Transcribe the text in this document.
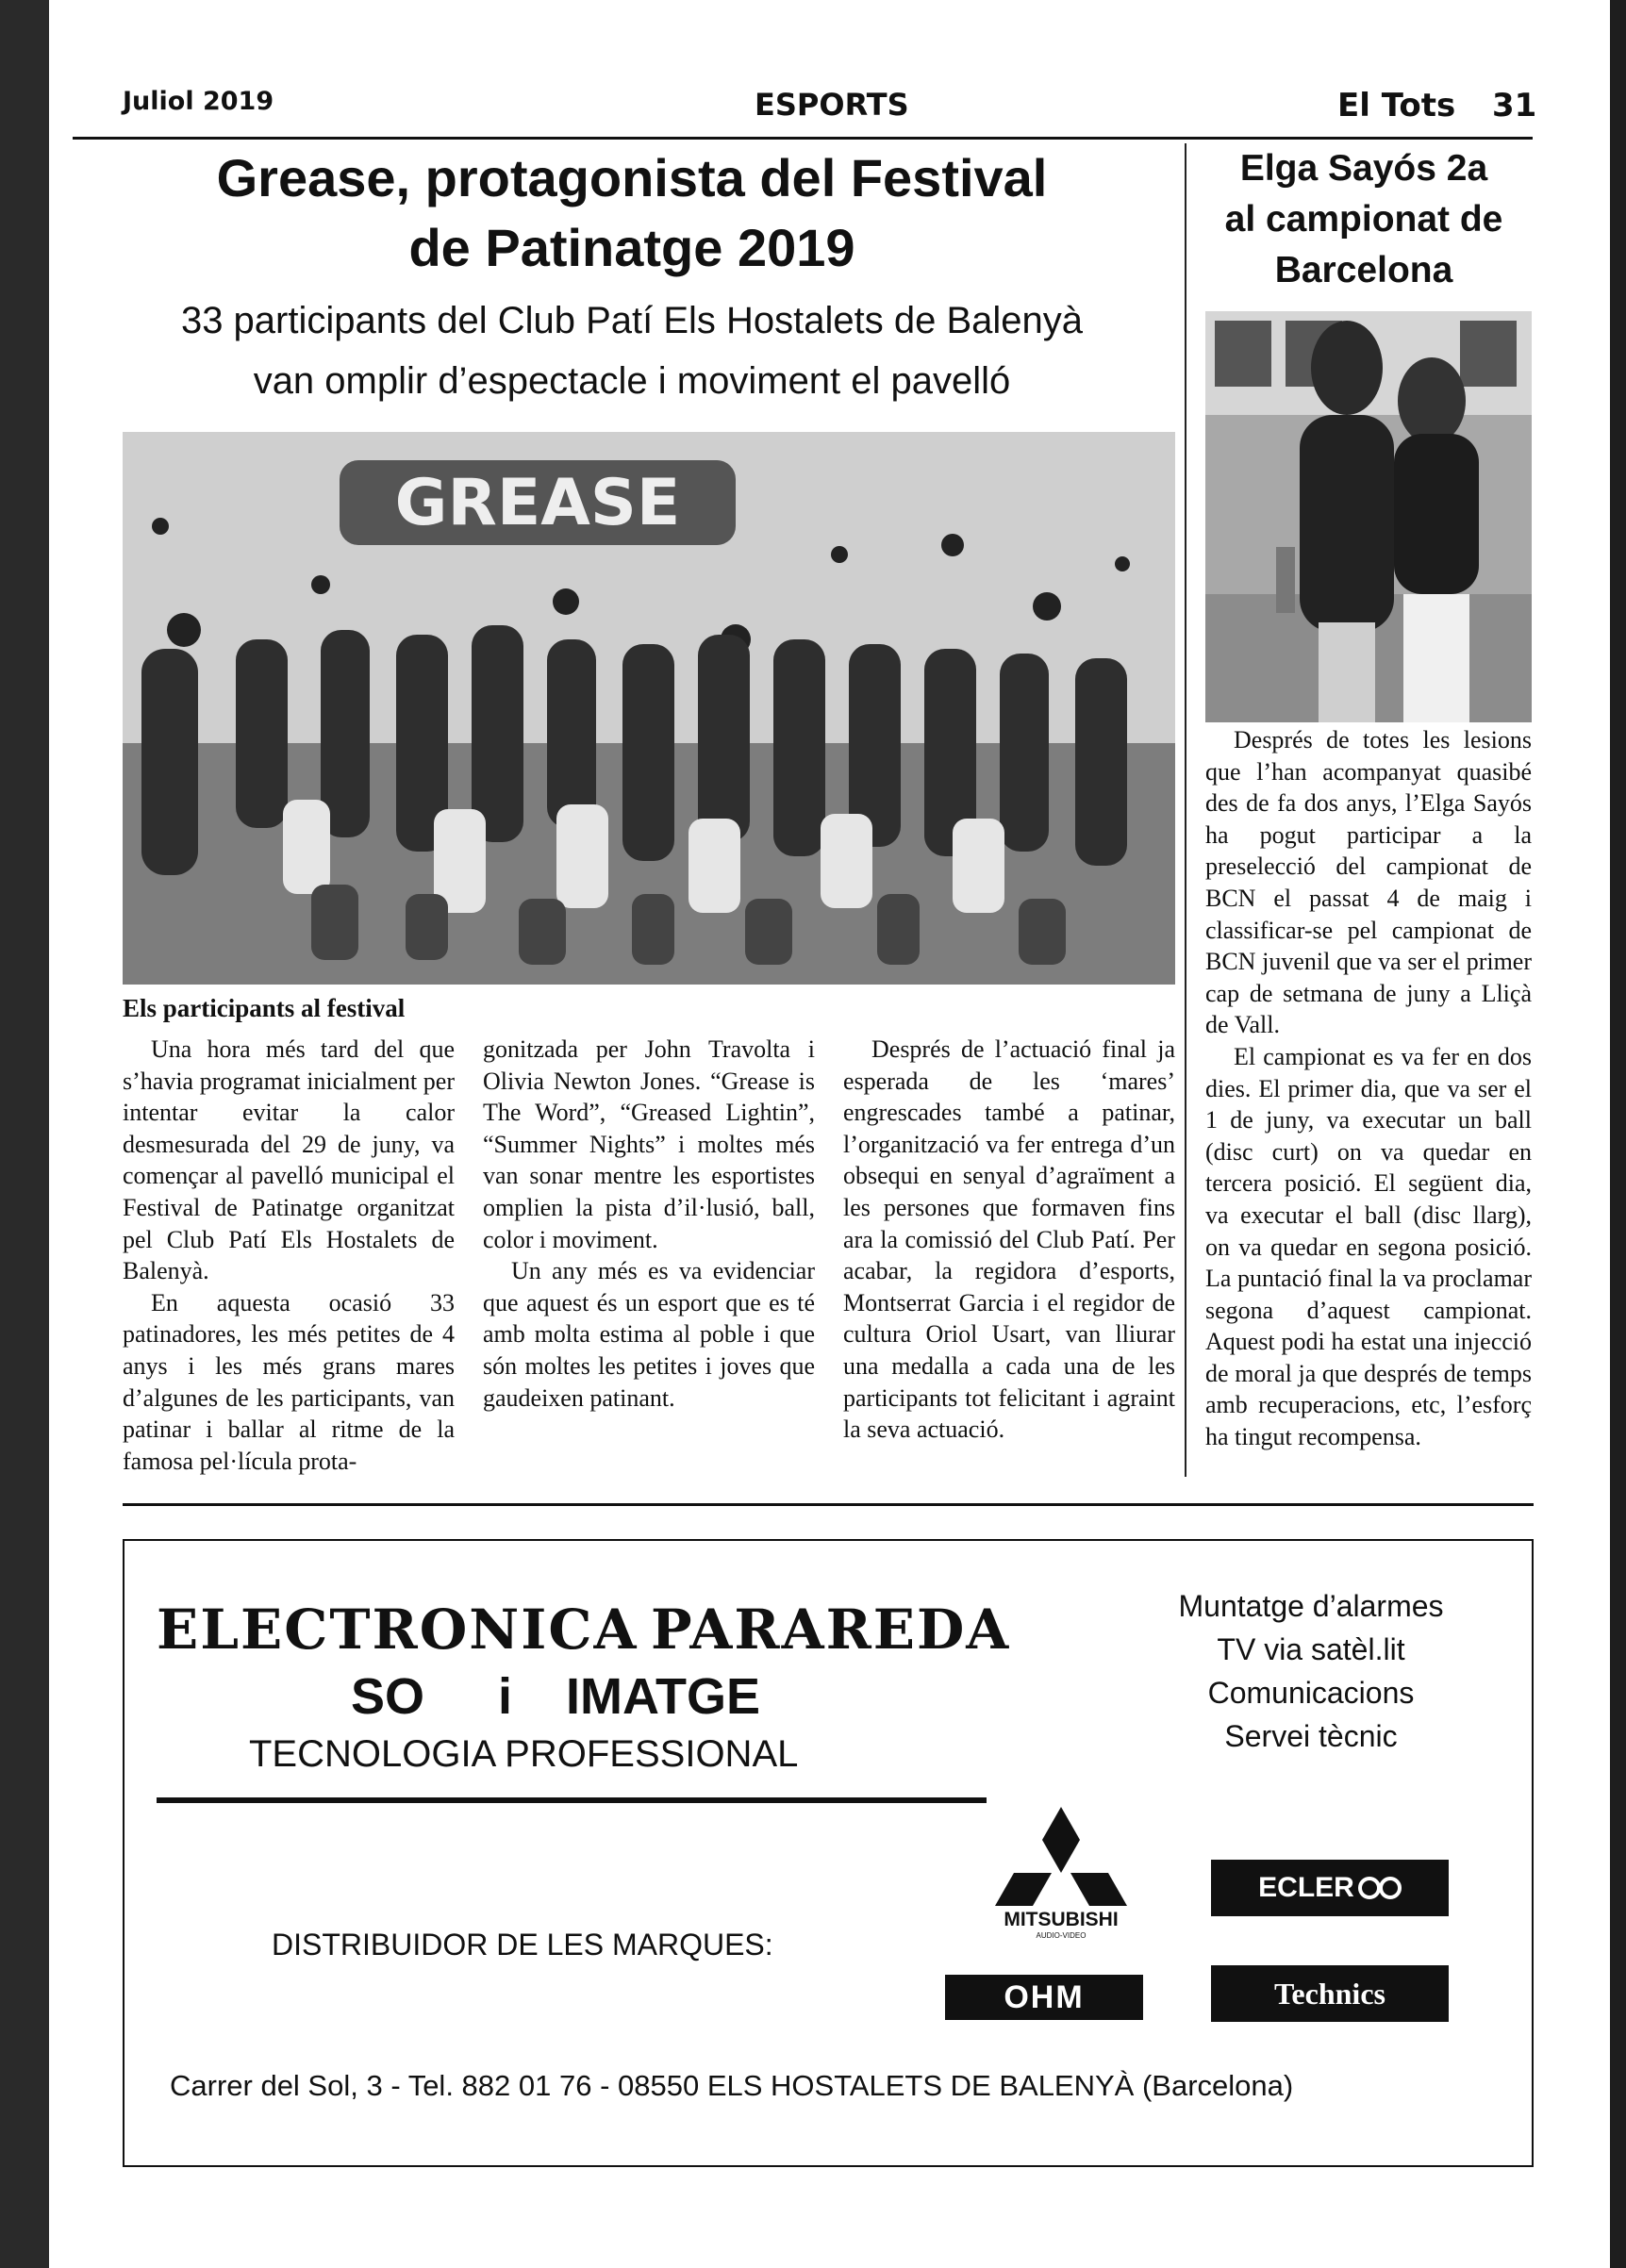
Juliol 2019	ESPORTS	El Tots 31
Grease, protagonista del Festival
de Patinatge 2019
33 participants del Club Patí Els Hostalets de Balenyà
van omplir d’espectacle i moviment el pavelló
GREASE
Els participants al festival

Una hora més tard del que s’havia programat inicialment per intentar evitar la calor desmesurada del 29 de juny, va començar al pavelló municipal el Festival de Patinatge organitzat pel Club Patí Els Hostalets de Balenyà.

En aquesta ocasió 33 patinadores, les més petites de 4 anys i les més grans mares d’algunes de les participants, van patinar i ballar al ritme de la famosa pel·lícula prota-

gonitzada per John Travolta i Olivia Newton Jones. “Grease is The Word”, “Greased Lightin”, “Summer Nights” i moltes més van sonar mentre les esportistes omplien la pista d’il·lusió, ball, color i moviment.

Un any més es va evidenciar que aquest és un esport que es té amb molta estima al poble i que són moltes les petites i joves que gaudeixen patinant.

Després de l’actuació final ja esperada de les ‘mares’ engrescades també a patinar, l’organització va fer entrega d’un obsequi en senyal d’agraïment a les persones que formaven fins ara la comissió del Club Patí. Per acabar, la regidora d’esports, Montserrat Garcia i el regidor de cultura Oriol Usart, van lliurar una medalla a cada una de les participants tot felicitant i agraint la seva actuació.

Elga Sayós 2a
al campionat de
Barcelona

Després de totes les lesions que l’han acompanyat quasibé des de fa dos anys, l’Elga Sayós ha pogut participar a la preselecció del campionat de BCN el passat 4 de maig i classificar-se pel campionat de BCN juvenil que va ser el primer cap de setmana de juny a Lliçà de Vall.

El campionat es va fer en dos dies. El primer dia, que va ser el 1 de juny, va executar un ball (disc curt) on va quedar en tercera posició. El següent dia, va executar el ball (disc llarg), on va quedar en segona posició. La puntació final la va proclamar segona d’aquest campionat. Aquest podi ha estat una injecció de moral ja que després de temps amb recuperacions, etc, l’esforç ha tingut recompensa.

ELECTRONICA PARAREDA
SO i IMATGE
TECNOLOGIA PROFESSIONAL
Muntatge d’alarmes
TV via satèl.lit
Comunicacions
Servei tècnic
DISTRIBUIDOR DE LES MARQUES:
MITSUBISHI
AUDIO-VIDEO
OHM
ECLER
Technics
Carrer del Sol, 3 - Tel. 882 01 76 - 08550 ELS HOSTALETS DE BALENYÀ (Barcelona)
